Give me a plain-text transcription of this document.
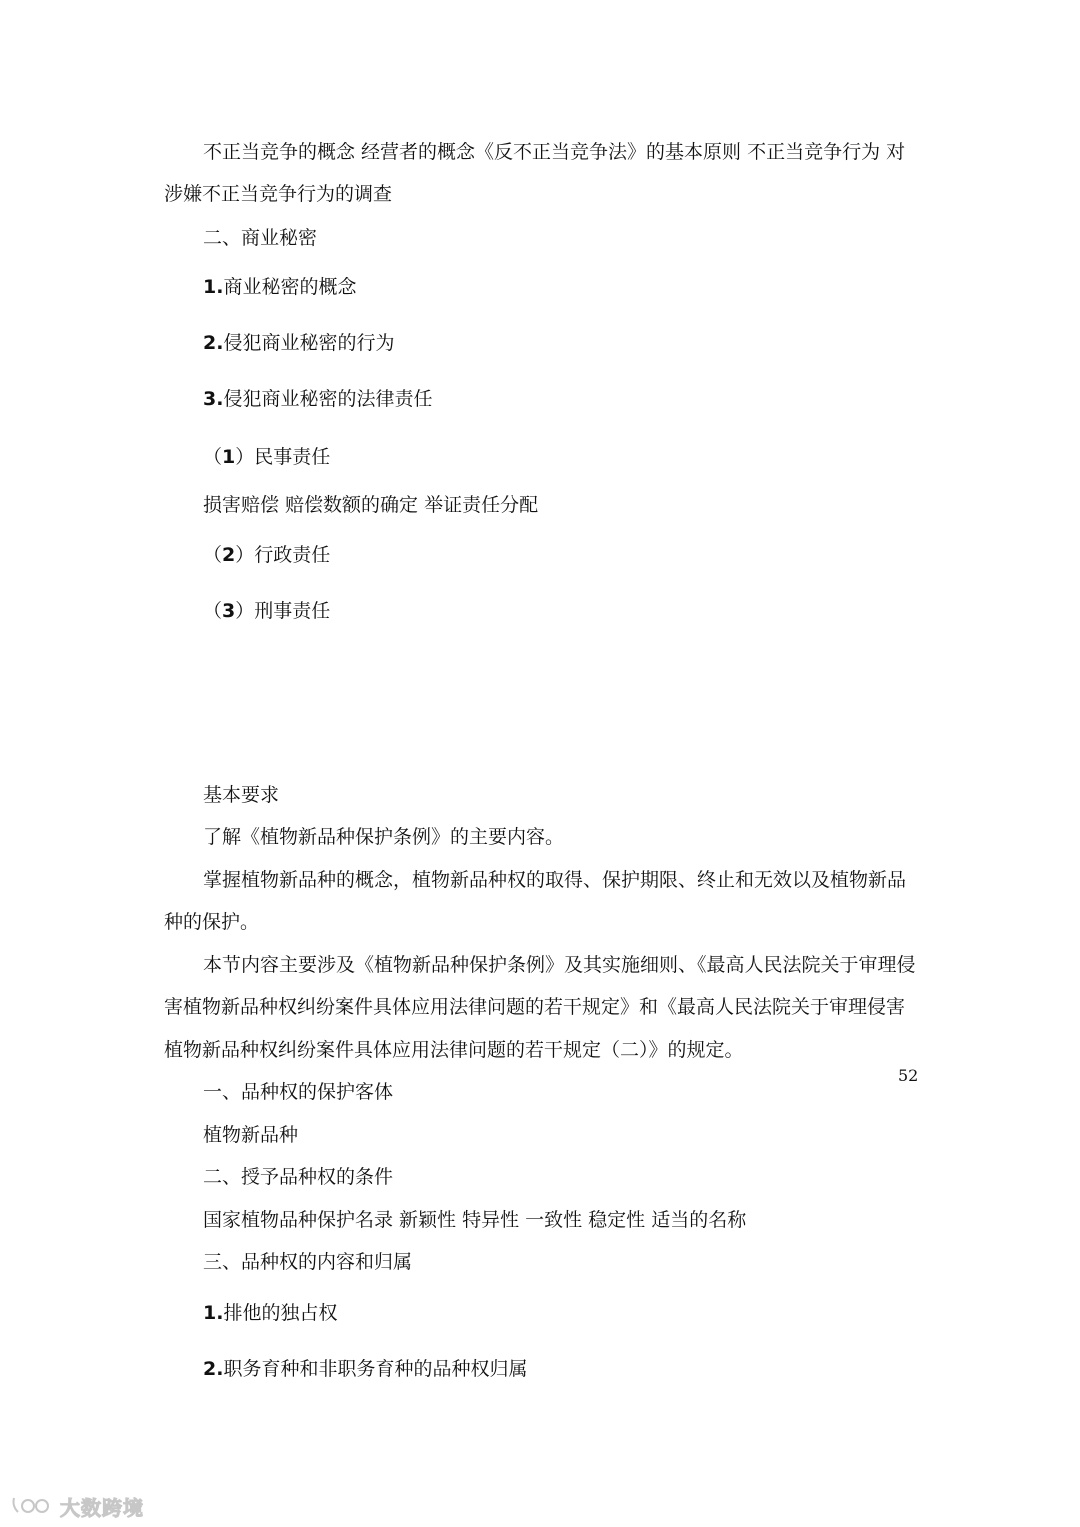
不正当竞争的概念 经营者的概念《反不正当竞争法》的基本原则 不正当竞争行为 对
涉嫌不正当竞争行为的调查
二、商业秘密
1.商业秘密的概念
2.侵犯商业秘密的行为
3.侵犯商业秘密的法律责任
（1）民事责任
损害赔偿 赔偿数额的确定 举证责任分配
（2）行政责任
（3）刑事责任
基本要求
了解《植物新品种保护条例》的主要内容。
掌握植物新品种的概念，植物新品种权的取得、保护期限、终止和无效以及植物新品
种的保护。
本节内容主要涉及《植物新品种保护条例》及其实施细则、《最高人民法院关于审理侵
害植物新品种权纠纷案件具体应用法律问题的若干规定》和《最高人民法院关于审理侵害
植物新品种权纠纷案件具体应用法律问题的若干规定（二）》的规定。
一、品种权的保护客体
植物新品种
二、授予品种权的条件
国家植物品种保护名录 新颖性 特异性 一致性 稳定性 适当的名称
三、品种权的内容和归属
1.排他的独占权
2.职务育种和非职务育种的品种权归属
52
大数跨境
